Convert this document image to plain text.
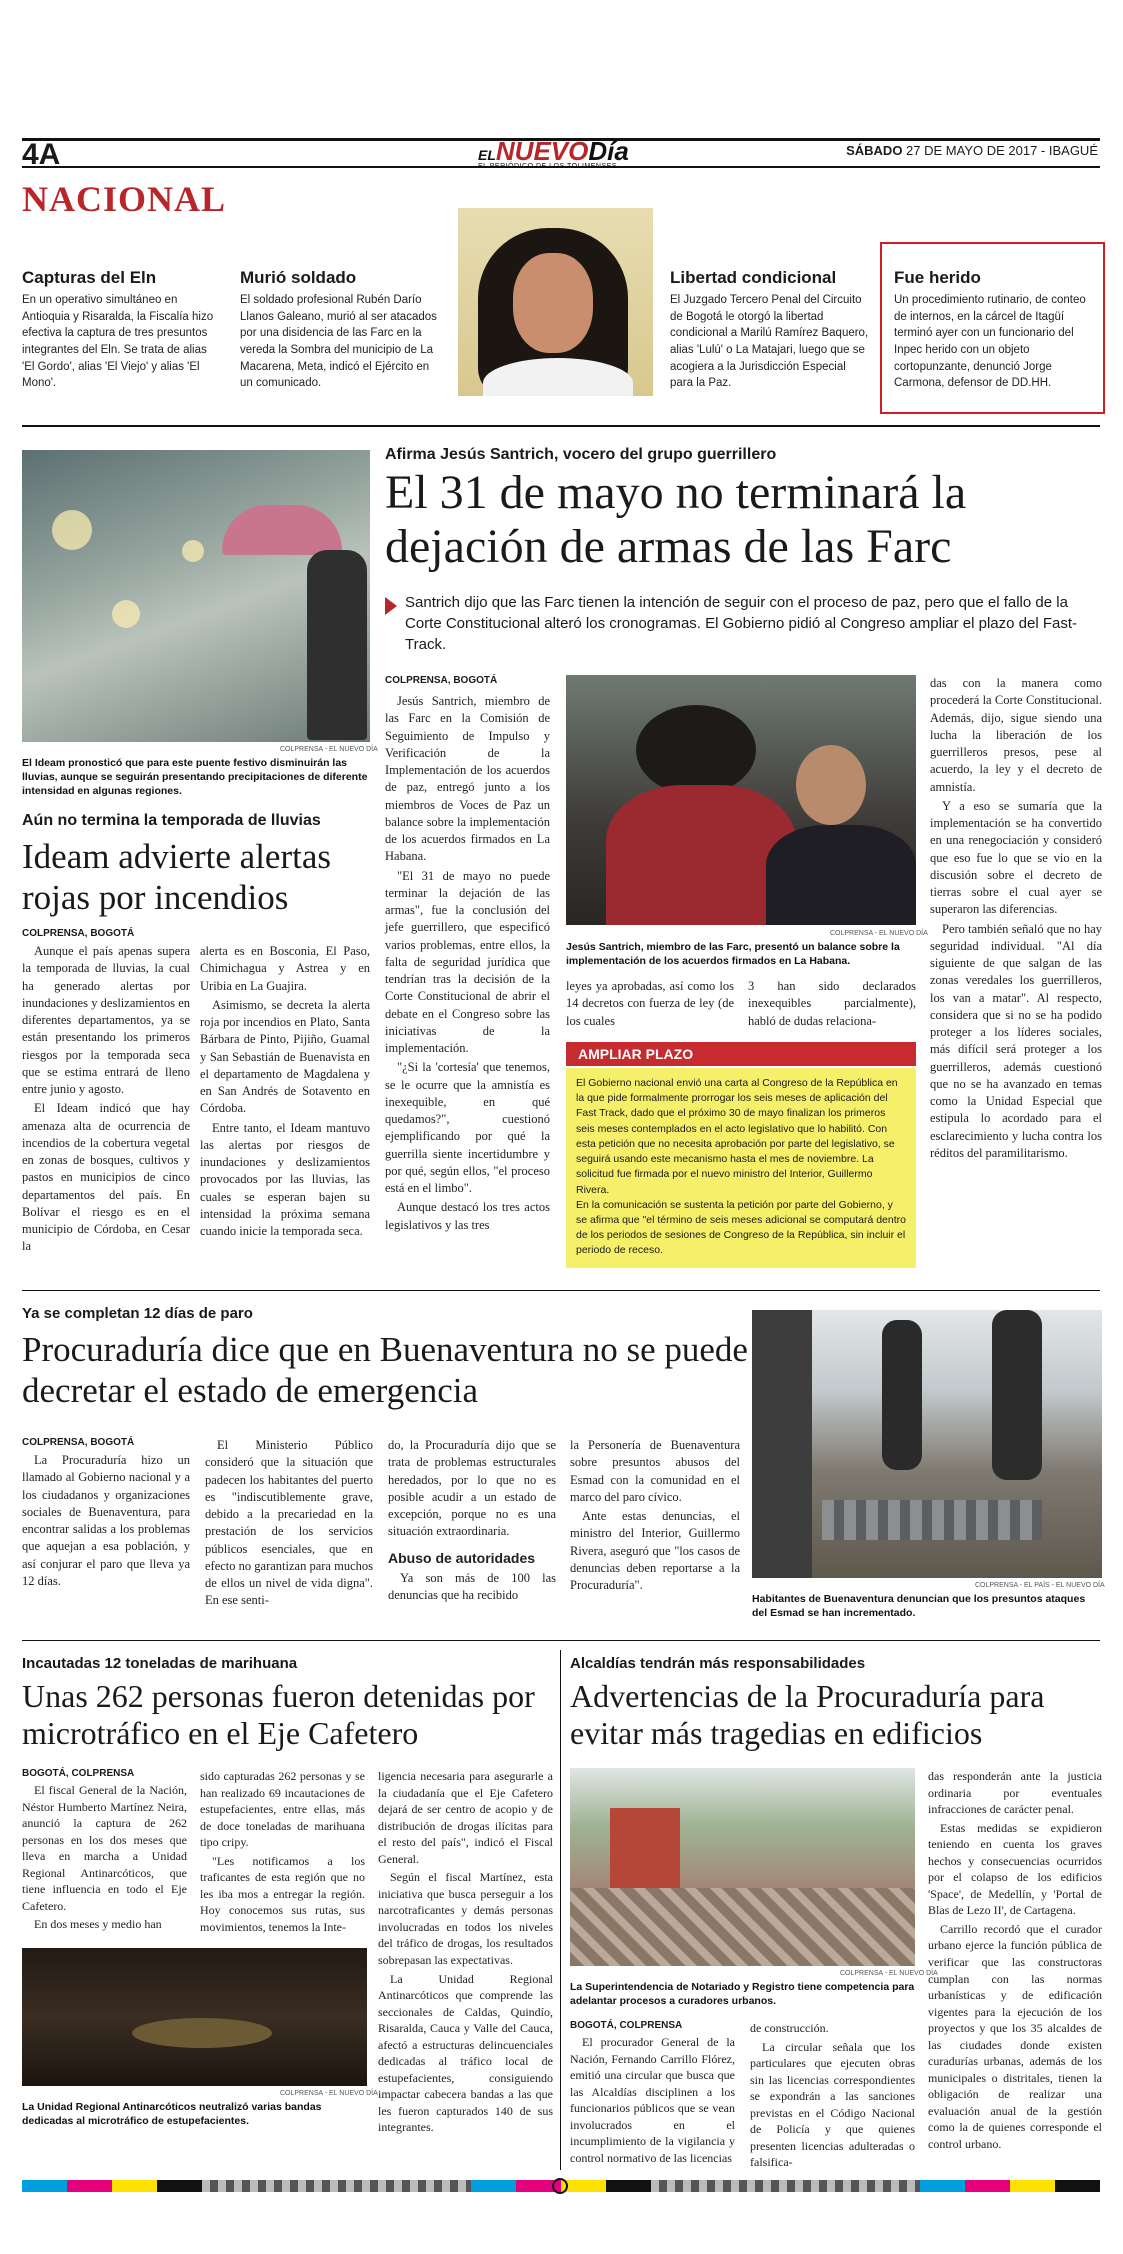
4A	ELNUEVODía
EL PERIÓDICO DE LOS TOLIMENSES
SÁBADO 27 DE MAYO DE 2017 - IBAGUÉ
NACIONAL
Capturas del Eln

En un operativo simultáneo en Antioquia y Risaralda, la Fiscalía hizo efectiva la captura de tres presuntos integrantes del Eln. Se trata de alias 'El Gordo', alias 'El Viejo' y alias 'El Mono'.

Murió soldado

El soldado profesional Rubén Darío Llanos Galeano, murió al ser atacados por una disidencia de las Farc en la vereda la Sombra del municipio de La Macarena, Meta, indicó el Ejército en un comunicado.

Libertad condicional

El Juzgado Tercero Penal del Circuito de Bogotá le otorgó la libertad condicional a Marilú Ramírez Baquero, alias 'Lulú' o La Matajari, luego que se acogiera a la Jurisdicción Especial para la Paz.

Fue herido

Un procedimiento rutinario, de conteo de internos, en la cárcel de Itagüí terminó ayer con un funcionario del Inpec herido con un objeto cortopunzante, denunció Jorge Carmona, defensor de DD.HH.

COLPRENSA - EL NUEVO DÍA
El Ideam pronosticó que para este puente festivo disminuirán las lluvias, aunque se seguirán presentando precipitaciones de diferente intensidad en algunas regiones.
Aún no termina la temporada de lluvias
Ideam advierte alertas rojas por incendios
COLPRENSA, BOGOTÁ

Aunque el país apenas supera la temporada de lluvias, la cual ha generado alertas por inundaciones y deslizamientos en diferentes departamentos, ya se están presentando los primeros riesgos por la temporada seca que se estima entrará de lleno entre junio y agosto.

El Ideam indicó que hay amenaza alta de ocurrencia de incendios de la cobertura vegetal en zonas de bosques, cultivos y pastos en municipios de cinco departamentos del país. En Bolívar el riesgo es en el municipio de Córdoba, en Cesar la

alerta es en Bosconia, El Paso, Chimichagua y Astrea y en Uribia en La Guajira.

Asimismo, se decreta la alerta roja por incendios en Plato, Santa Bárbara de Pinto, Pijiño, Guamal y San Sebastián de Buenavista en el departamento de Magdalena y en San Andrés de Sotavento en Córdoba.

Entre tanto, el Ideam mantuvo las alertas por riesgos de inundaciones y deslizamientos provocados por las lluvias, las cuales se esperan bajen su intensidad la próxima semana cuando inicie la temporada seca.

Afirma Jesús Santrich, vocero del grupo guerrillero
El 31 de mayo no terminará la dejación de armas de las Farc
Santrich dijo que las Farc tienen la intención de seguir con el proceso de paz, pero que el fallo de la Corte Constitucional alteró los cronogramas. El Gobierno pidió al Congreso ampliar el plazo del Fast-Track.
COLPRENSA, BOGOTÁ

Jesús Santrich, miembro de las Farc en la Comisión de Seguimiento de Impulso y Verificación de la Implementación de los acuerdos de paz, entregó junto a los miembros de Voces de Paz un balance sobre la implementación de los acuerdos firmados en La Habana.

"El 31 de mayo no puede terminar la dejación de las armas", fue la conclusión del jefe guerrillero, que especificó varios problemas, entre ellos, la falta de seguridad jurídica que tendrían tras la decisión de la Corte Constitucional de abrir el debate en el Congreso sobre las iniciativas de la implementación.

"¿Si la 'cortesía' que tenemos, se le ocurre que la amnistía es inexequible, en qué quedamos?", cuestionó ejemplificando por qué la guerrilla siente incertidumbre y por qué, según ellos, "el proceso está en el limbo".

Aunque destacó los tres actos legislativos y las tres

COLPRENSA - EL NUEVO DÍA
Jesús Santrich, miembro de las Farc, presentó un balance sobre la implementación de los acuerdos firmados en La Habana.

leyes ya aprobadas, así como los 14 decretos con fuerza de ley (de los cuales

3 han sido declarados inexequibles parcialmente), habló de dudas relaciona-

AMPLIAR PLAZO

El Gobierno nacional envió una carta al Congreso de la República en la que pide formalmente prorrogar los seis meses de aplicación del Fast Track, dado que el próximo 30 de mayo finalizan los primeros seis meses contemplados en el acto legislativo que lo habilitó. Con esta petición que no necesita aprobación por parte del legislativo, se seguirá usando este mecanismo hasta el mes de noviembre. La solicitud fue firmada por el nuevo ministro del Interior, Guillermo Rivera.

En la comunicación se sustenta la petición por parte del Gobierno, y se afirma que "el término de seis meses adicional se computará dentro de los periodos de sesiones de Congreso de la República, sin incluir el periodo de receso.

das con la manera como procederá la Corte Constitucional. Además, dijo, sigue siendo una lucha la liberación de los guerrilleros presos, pese al acuerdo, la ley y el decreto de amnistía.

Y a eso se sumaría que la implementación se ha convertido en una renegociación y consideró que eso fue lo que se vio en la discusión sobre el decreto de tierras sobre el cual ayer se superaron las diferencias.

Pero también señaló que no hay seguridad individual. "Al día siguiente de que salgan de las zonas veredales los guerrilleros, los van a matar". Al respecto, considera que si no se ha podido proteger a los líderes sociales, más difícil será proteger a los guerrilleros, además cuestionó que no se ha avanzado en temas como la Unidad Especial que estipula lo acordado para el esclarecimiento y lucha contra los réditos del paramilitarismo.

Ya se completan 12 días de paro
Procuraduría dice que en Buenaventura no se puede decretar el estado de emergencia
COLPRENSA, BOGOTÁ

La Procuraduría hizo un llamado al Gobierno nacional y a los ciudadanos y organizaciones sociales de Buenaventura, para encontrar salidas a los problemas que aquejan a esa población, y así conjurar el paro que lleva ya 12 días.

El Ministerio Público consideró que la situación que padecen los habitantes del puerto es "indiscutiblemente grave, debido a la precariedad en la prestación de los servicios públicos esenciales, que en efecto no garantizan para muchos de ellos un nivel de vida digna". En ese senti-

do, la Procuraduría dijo que se trata de problemas estructurales heredados, por lo que no es posible acudir a un estado de excepción, porque no es una situación extraordinaria.

Abuso de autoridades

Ya son más de 100 las denuncias que ha recibido

la Personería de Buenaventura sobre presuntos abusos del Esmad con la comunidad en el marco del paro cívico.

Ante estas denuncias, el ministro del Interior, Guillermo Rivera, aseguró que "los casos de denuncias deben reportarse a la Procuraduría".	COLPRENSA - EL PAÍS - EL NUEVO DÍA
Habitantes de Buenaventura denuncian que los presuntos ataques del Esmad se han incrementado.
Incautadas 12 toneladas de marihuana
Unas 262 personas fueron detenidas por microtráfico en el Eje Cafetero
BOGOTÁ, COLPRENSA

El fiscal General de la Nación, Néstor Humberto Martínez Neira, anunció la captura de 262 personas en los dos meses que lleva en marcha a Unidad Regional Antinarcóticos, que tiene influencia en todo el Eje Cafetero.

En dos meses y medio han

sido capturadas 262 personas y se han realizado 69 incautaciones de estupefacientes, entre ellas, más de doce toneladas de marihuana tipo cripy.

"Les notificamos a los traficantes de esta región que no les iba mos a entregar la región. Hoy conocemos sus rutas, sus movimientos, tenemos la Inte-

ligencia necesaria para asegurarle a la ciudadanía que el Eje Cafetero dejará de ser centro de acopio y de distribución de drogas ilícitas para el resto del país", indicó el Fiscal General.

Según el fiscal Martínez, esta iniciativa que busca perseguir a los narcotraficantes y demás personas involucradas en todos los niveles del tráfico de drogas, los resultados sobrepasan las expectativas.

La Unidad Regional Antinarcóticos que comprende las seccionales de Caldas, Quindío, Risaralda, Cauca y Valle del Cauca, afectó a estructuras delincuenciales dedicadas al tráfico local de estupefacientes, consiguiendo impactar cabecera bandas a las que les fueron capturados 140 de sus integrantes.

COLPRENSA - EL NUEVO DÍA
La Unidad Regional Antinarcóticos neutralizó varias bandas dedicadas al microtráfico de estupefacientes.
Alcaldías tendrán más responsabilidades
Advertencias de la Procuraduría para evitar más tragedias en edificios
COLPRENSA - EL NUEVO DÍA
La Superintendencia de Notariado y Registro tiene competencia para adelantar procesos a curadores urbanos.
BOGOTÁ, COLPRENSA

El procurador General de la Nación, Fernando Carrillo Flórez, emitió una circular que busca que las Alcaldías disciplinen a los funcionarios públicos que se vean involucrados en el incumplimiento de la vigilancia y control normativo de las licencias

de construcción.

La circular señala que los particulares que ejecuten obras sin las licencias correspondientes se expondrán a las sanciones previstas en el Código Nacional de Policía y que quienes presenten licencias adulteradas o falsifica-

das responderán ante la justicia ordinaria por eventuales infracciones de carácter penal.

Estas medidas se expidieron teniendo en cuenta los graves hechos y consecuencias ocurridos por el colapso de los edificios 'Space', de Medellín, y 'Portal de Blas de Lezo II', de Cartagena.

Carrillo recordó que el curador urbano ejerce la función pública de verificar que las constructoras cumplan con las normas urbanísticas y de edificación vigentes para la ejecución de los proyectos y que los 35 alcaldes de las ciudades donde existen curadurías urbanas, además de los municipales o distritales, tienen la obligación de realizar una evaluación anual de la gestión como la de quienes corresponde el control urbano.
